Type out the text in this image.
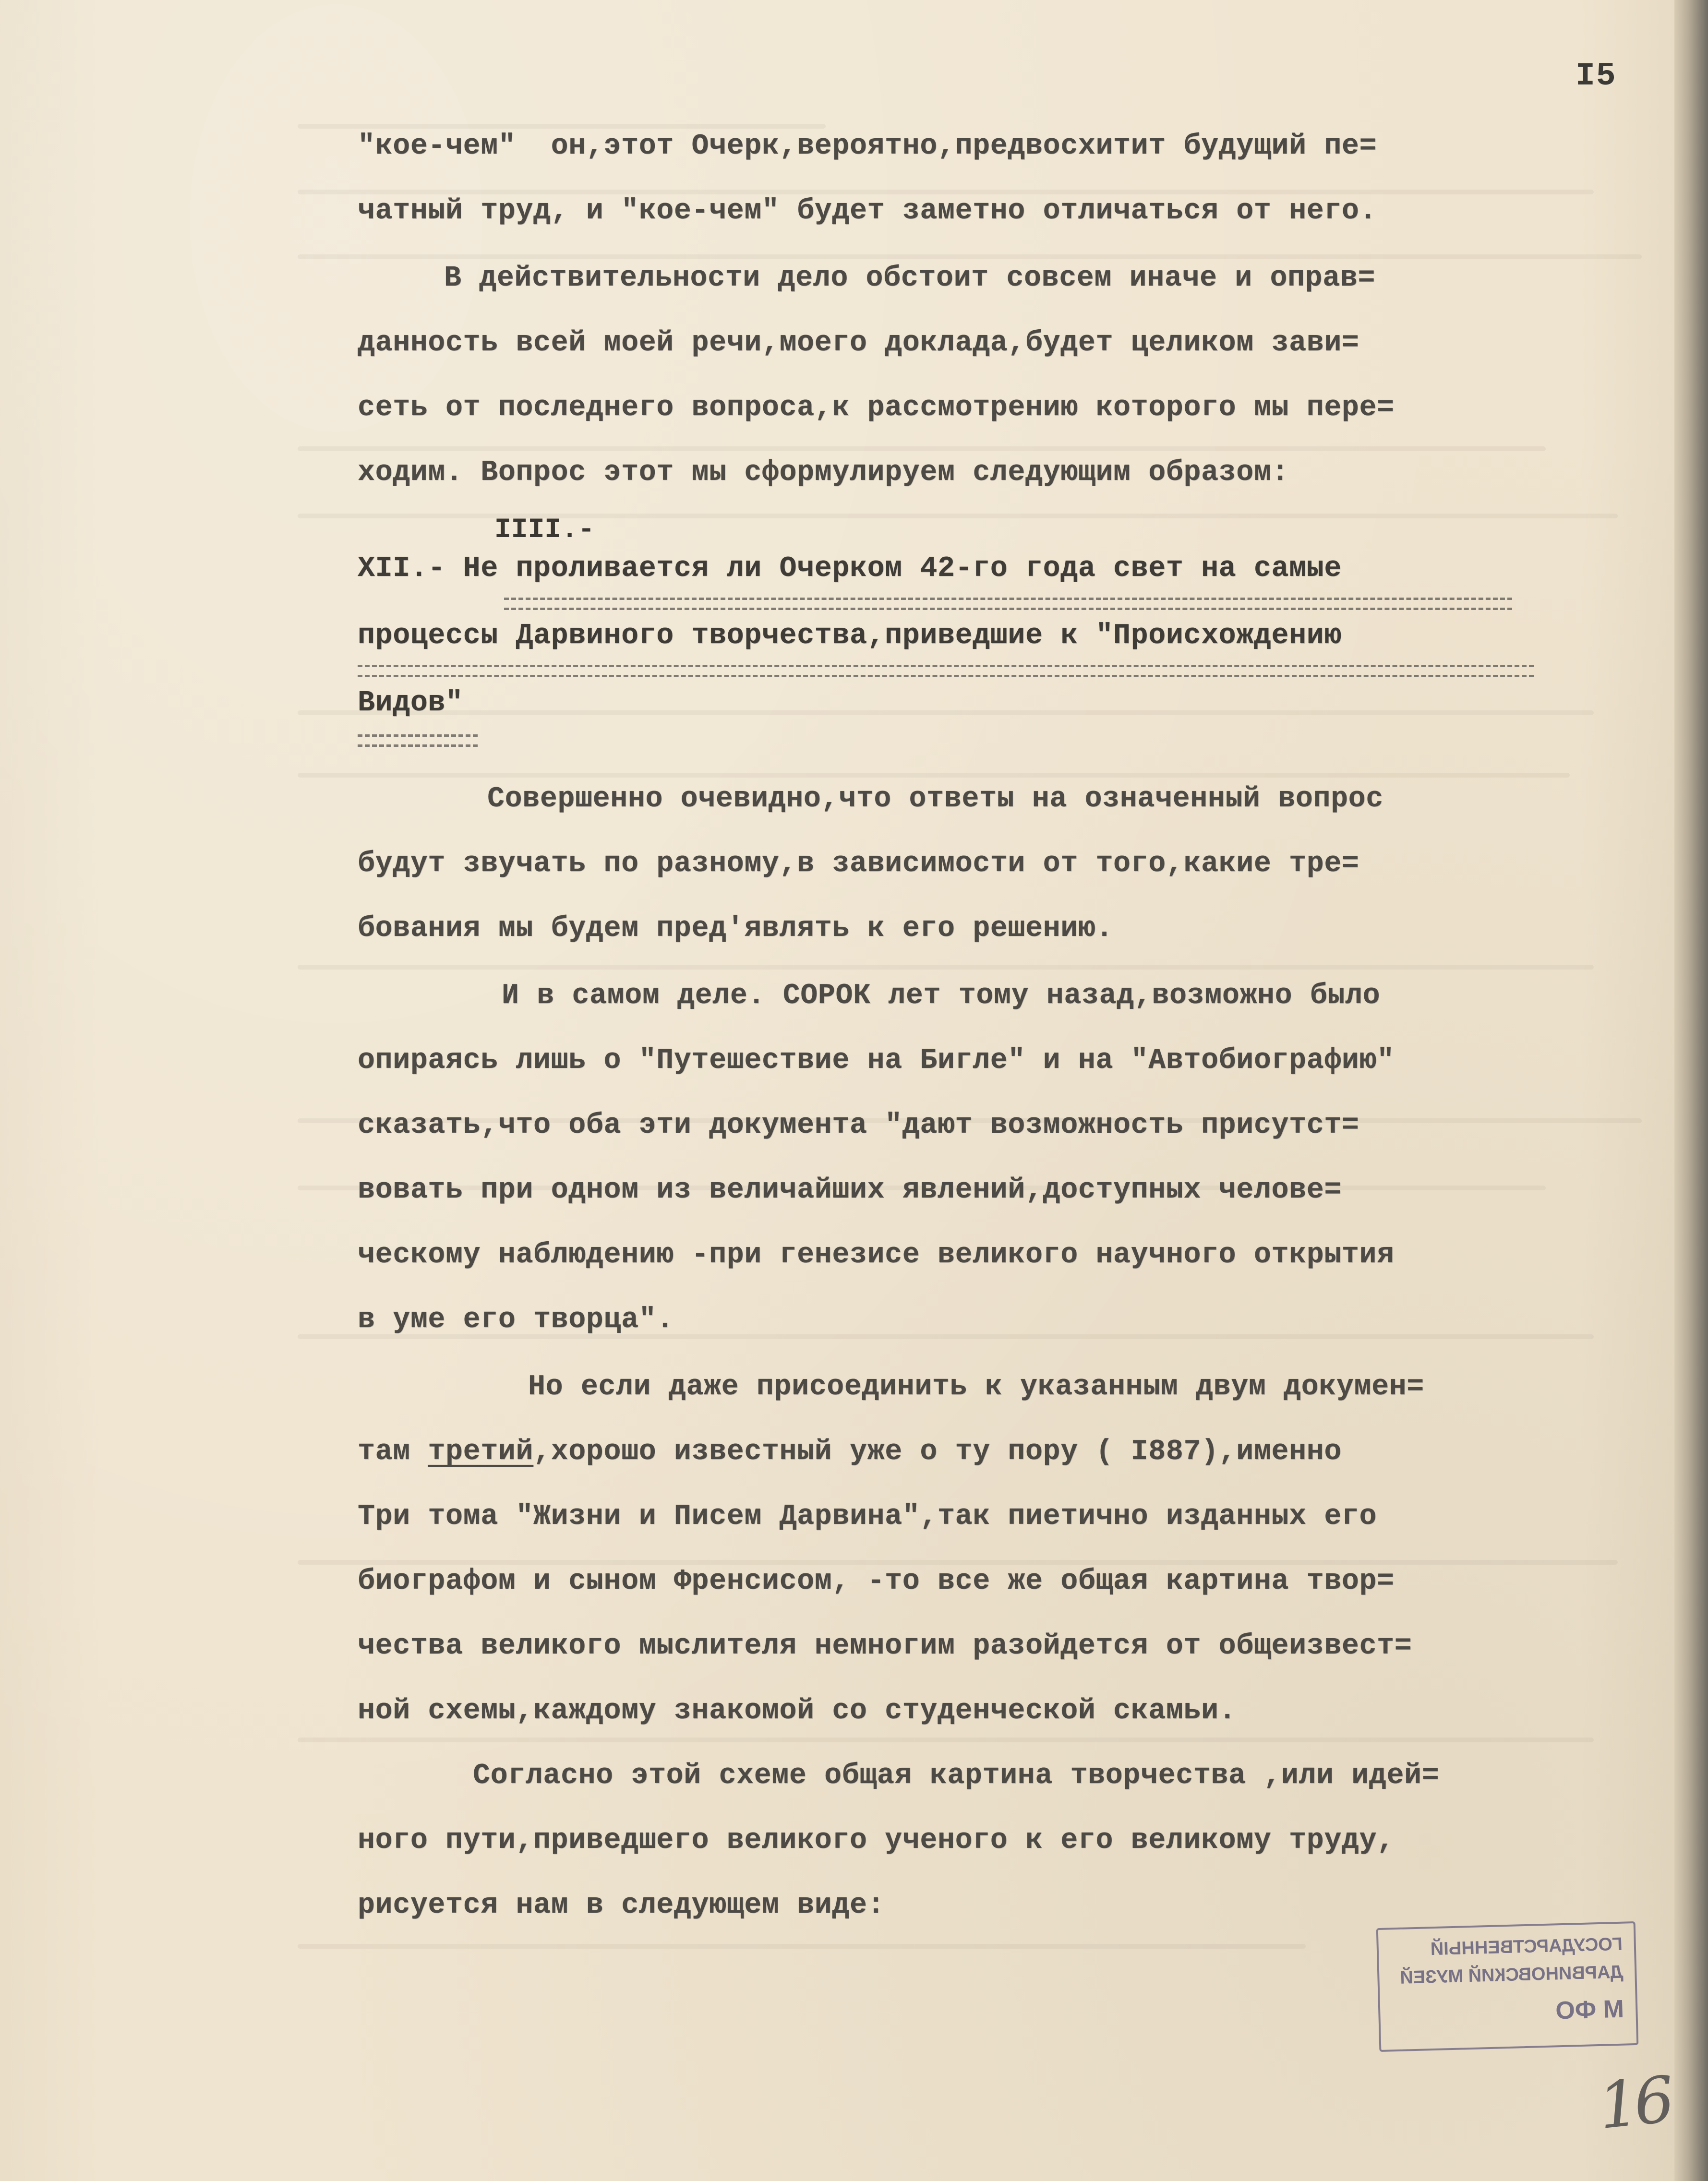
I5
"кое-чем"  он,этот Очерк,вероятно,предвосхитит будущий пе=
чатный труд, и "кое-чем" будет заметно отличаться от него.
В действительности дело обстоит совсем иначе и оправ=
данность всей моей речи,моего доклада,будет целиком зави=
сеть от последнего вопроса,к рассмотрению которого мы пере=
ходим. Вопрос этот мы сформулируем следующим образом:
ІІІІ.-
XII.- Не проливается ли Очерком 42-го года свет на самые
процессы Дарвиного творчества,приведшие к "Происхождению
Видов"
Совершенно очевидно,что ответы на означенный вопрос
будут звучать по разному,в зависимости от того,какие тре=
бования мы будем пред'являть к его решению.
И в самом деле. СОРОК лет тому назад,возможно было
опираясь лишь о "Путешествие на Бигле" и на "Автобиографию"
сказать,что оба эти документа "дают возможность присутст=
вовать при одном из величайших явлений,доступных челове=
ческому наблюдению -при генезисе великого научного открытия
в уме его творца".
Но если даже присоединить к указанным двум докумен=
там третий,хорошо известный уже о ту пору ( I887),именно
Три тома "Жизни и Писем Дарвина",так пиетично изданных его
биографом и сыном Френсисом, -то все же общая картина твор=
чества великого мыслителя немногим разойдется от общеизвест=
ной схемы,каждому знакомой со студенческой скамьи.
Согласно этой схеме общая картина творчества ,или идей=
ного пути,приведшего великого ученого к его великому труду,
рисуется нам в следующем виде:
ГОСУДАРСТВЕННЫЙ
ДАРВИНОВСКИЙ МУЗЕЙ
М ФО
16
